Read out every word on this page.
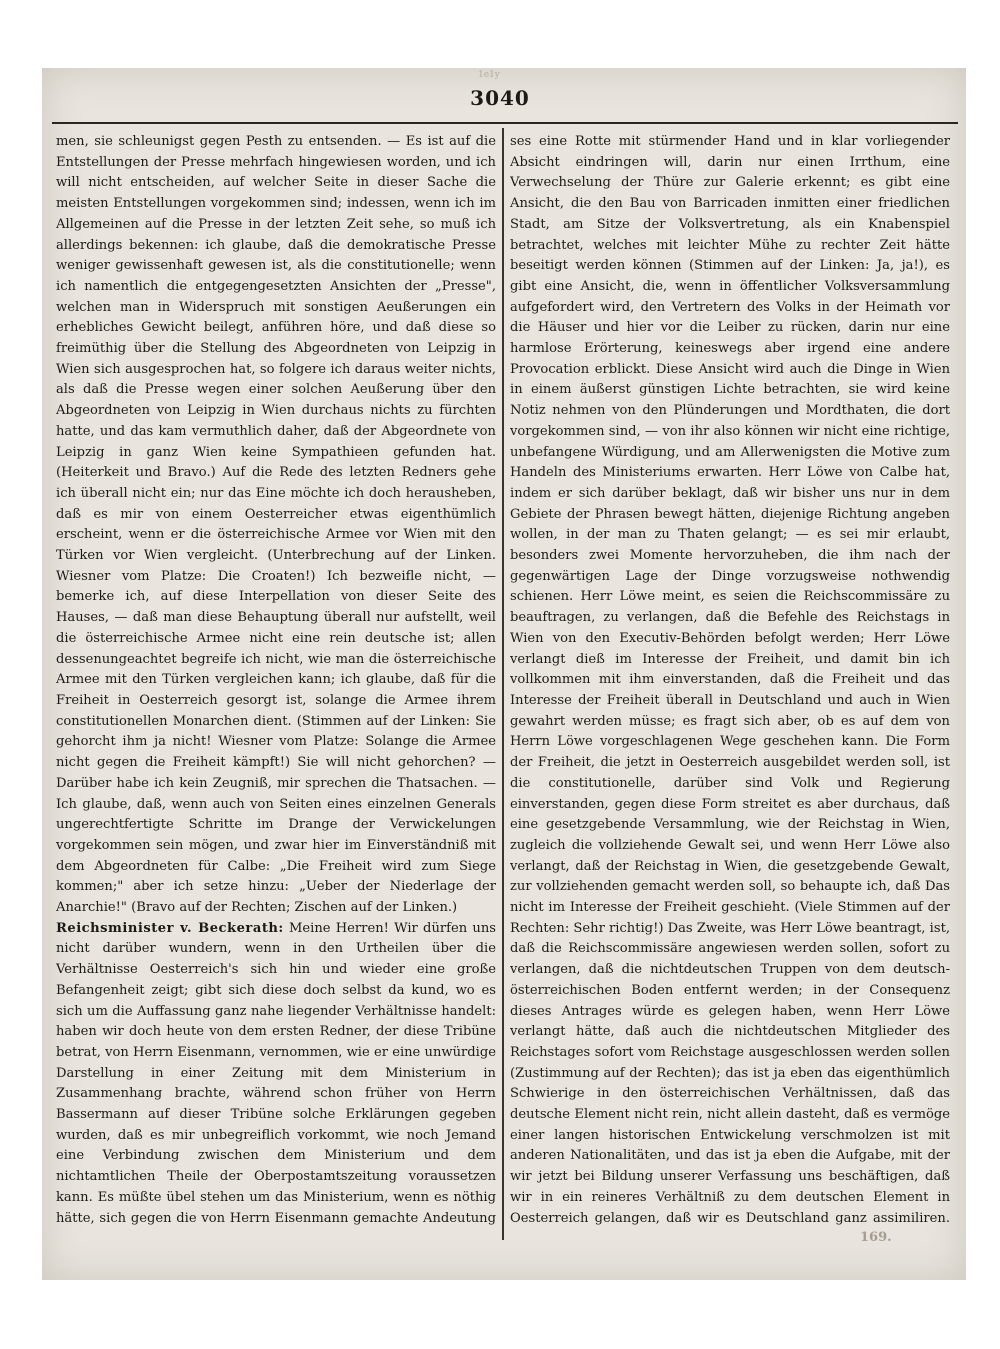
1e1y
3040

men, sie schleunigst gegen Pesth zu entsenden. — Es ist auf die Entstellungen der Presse mehrfach hingewiesen worden, und ich will nicht entscheiden, auf welcher Seite in dieser Sache die meisten Entstellungen vorgekommen sind; indessen, wenn ich im Allgemeinen auf die Presse in der letzten Zeit sehe, so muß ich allerdings bekennen: ich glaube, daß die demokratische Presse weniger gewissenhaft gewesen ist, als die constitutionelle; wenn ich namentlich die entgegengesetzten Ansichten der „Presse", welchen man in Widerspruch mit sonstigen Aeußerungen ein erhebliches Gewicht beilegt, anführen höre, und daß diese so freimüthig über die Stellung des Abgeordneten von Leipzig in Wien sich ausgesprochen hat, so folgere ich daraus weiter nichts, als daß die Presse wegen einer solchen Aeußerung über den Abgeordneten von Leipzig in Wien durchaus nichts zu fürchten hatte, und das kam vermuthlich daher, daß der Abgeordnete von Leipzig in ganz Wien keine Sympathieen gefunden hat. (Heiterkeit und Bravo.) Auf die Rede des letzten Redners gehe ich überall nicht ein; nur das Eine möchte ich doch herausheben, daß es mir von einem Oesterreicher etwas eigenthümlich erscheint, wenn er die österreichische Armee vor Wien mit den Türken vor Wien vergleicht. (Unterbrechung auf der Linken. Wiesner vom Platze: Die Croaten!) Ich bezweifle nicht, — bemerke ich, auf diese Interpellation von dieser Seite des Hauses, — daß man diese Behauptung überall nur aufstellt, weil die österreichische Armee nicht eine rein deutsche ist; allen dessenungeachtet begreife ich nicht, wie man die österreichische Armee mit den Türken vergleichen kann; ich glaube, daß für die Freiheit in Oesterreich gesorgt ist, solange die Armee ihrem constitutionellen Monarchen dient. (Stimmen auf der Linken: Sie gehorcht ihm ja nicht! Wiesner vom Platze: Solange die Armee nicht gegen die Freiheit kämpft!) Sie will nicht gehorchen? — Darüber habe ich kein Zeugniß, mir sprechen die Thatsachen. — Ich glaube, daß, wenn auch von Seiten eines einzelnen Generals ungerechtfertigte Schritte im Drange der Verwickelungen vorgekommen sein mögen, und zwar hier im Einverständniß mit dem Abgeordneten für Calbe: „Die Freiheit wird zum Siege kommen;" aber ich setze hinzu: „Ueber der Niederlage der Anarchie!" (Bravo auf der Rechten; Zischen auf der Linken.)

Reichsminister v. Beckerath: Meine Herren! Wir dürfen uns nicht darüber wundern, wenn in den Urtheilen über die Verhältnisse Oesterreich's sich hin und wieder eine große Befangenheit zeigt; gibt sich diese doch selbst da kund, wo es sich um die Auffassung ganz nahe liegender Verhältnisse handelt: haben wir doch heute von dem ersten Redner, der diese Tribüne betrat, von Herrn Eisenmann, vernommen, wie er eine unwürdige Darstellung in einer Zeitung mit dem Ministerium in Zusammenhang brachte, während schon früher von Herrn Bassermann auf dieser Tribüne solche Erklärungen gegeben wurden, daß es mir unbegreiflich vorkommt, wie noch Jemand eine Verbindung zwischen dem Ministerium und dem nichtamtlichen Theile der Oberpostamtszeitung voraussetzen kann. Es müßte übel stehen um das Ministerium, wenn es nöthig hätte, sich gegen die von Herrn Eisenmann gemachte Andeutung

ses eine Rotte mit stürmender Hand und in klar vorliegender Absicht eindringen will, darin nur einen Irrthum, eine Verwechselung der Thüre zur Galerie erkennt; es gibt eine Ansicht, die den Bau von Barricaden inmitten einer friedlichen Stadt, am Sitze der Volksvertretung, als ein Knabenspiel betrachtet, welches mit leichter Mühe zu rechter Zeit hätte beseitigt werden können (Stimmen auf der Linken: Ja, ja!), es gibt eine Ansicht, die, wenn in öffentlicher Volksversammlung aufgefordert wird, den Vertretern des Volks in der Heimath vor die Häuser und hier vor die Leiber zu rücken, darin nur eine harmlose Erörterung, keineswegs aber irgend eine andere Provocation erblickt. Diese Ansicht wird auch die Dinge in Wien in einem äußerst günstigen Lichte betrachten, sie wird keine Notiz nehmen von den Plünderungen und Mordthaten, die dort vorgekommen sind, — von ihr also können wir nicht eine richtige, unbefangene Würdigung, und am Allerwenigsten die Motive zum Handeln des Ministeriums erwarten. Herr Löwe von Calbe hat, indem er sich darüber beklagt, daß wir bisher uns nur in dem Gebiete der Phrasen bewegt hätten, diejenige Richtung angeben wollen, in der man zu Thaten gelangt; — es sei mir erlaubt, besonders zwei Momente hervorzuheben, die ihm nach der gegenwärtigen Lage der Dinge vorzugsweise nothwendig schienen. Herr Löwe meint, es seien die Reichscommissäre zu beauftragen, zu verlangen, daß die Befehle des Reichstags in Wien von den Executiv-Behörden befolgt werden; Herr Löwe verlangt dieß im Interesse der Freiheit, und damit bin ich vollkommen mit ihm einverstanden, daß die Freiheit und das Interesse der Freiheit überall in Deutschland und auch in Wien gewahrt werden müsse; es fragt sich aber, ob es auf dem von Herrn Löwe vorgeschlagenen Wege geschehen kann. Die Form der Freiheit, die jetzt in Oesterreich ausgebildet werden soll, ist die constitutionelle, darüber sind Volk und Regierung einverstanden, gegen diese Form streitet es aber durchaus, daß eine gesetzgebende Versammlung, wie der Reichstag in Wien, zugleich die vollziehende Gewalt sei, und wenn Herr Löwe also verlangt, daß der Reichstag in Wien, die gesetzgebende Gewalt, zur vollziehenden gemacht werden soll, so behaupte ich, daß Das nicht im Interesse der Freiheit geschieht. (Viele Stimmen auf der Rechten: Sehr richtig!) Das Zweite, was Herr Löwe beantragt, ist, daß die Reichscommissäre angewiesen werden sollen, sofort zu verlangen, daß die nichtdeutschen Truppen von dem deutsch-österreichischen Boden entfernt werden; in der Consequenz dieses Antrages würde es gelegen haben, wenn Herr Löwe verlangt hätte, daß auch die nichtdeutschen Mitglieder des Reichstages sofort vom Reichstage ausgeschlossen werden sollen (Zustimmung auf der Rechten); das ist ja eben das eigenthümlich Schwierige in den österreichischen Verhältnissen, daß das deutsche Element nicht rein, nicht allein dasteht, daß es vermöge einer langen historischen Entwickelung verschmolzen ist mit anderen Nationalitäten, und das ist ja eben die Aufgabe, mit der wir jetzt bei Bildung unserer Verfassung uns beschäftigen, daß wir in ein reineres Verhältniß zu dem deutschen Element in Oesterreich gelangen, daß wir es Deutschland ganz assimiliren.

169.
